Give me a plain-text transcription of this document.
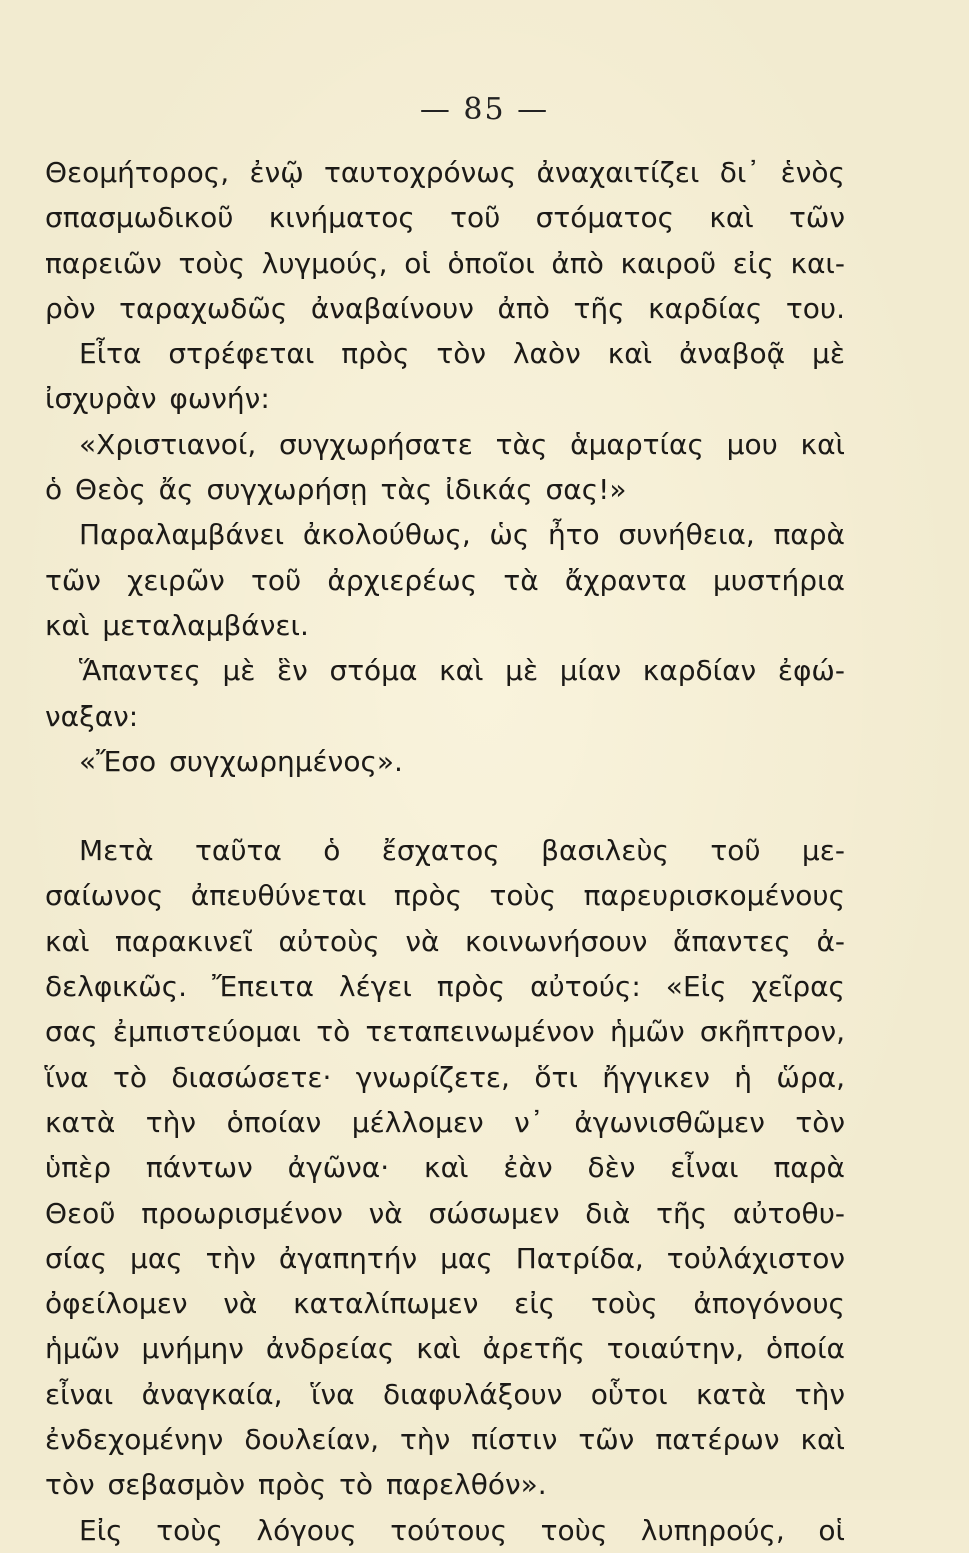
— 85 —
Θεομήτορος, ἐνῷ ταυτοχρόνως ἀναχαιτίζει δι᾽ ἑνὸς
σπασμωδικοῦ κινήματος τοῦ στόματος καὶ τῶν
παρειῶν τοὺς λυγμούς, οἱ ὁποῖοι ἀπὸ καιροῦ εἰς και-
ρὸν ταραχωδῶς ἀναβαίνουν ἀπὸ τῆς καρδίας του.
Εἶτα στρέφεται πρὸς τὸν λαὸν καὶ ἀναβοᾷ μὲ
ἰσχυρὰν φωνήν:
«Χριστιανοί, συγχωρήσατε τὰς ἁμαρτίας μου καὶ
ὁ Θεὸς ἄς συγχωρήσῃ τὰς ἰδικάς σας!»
Παραλαμβάνει ἀκολούθως, ὡς ἦτο συνήθεια, παρὰ
τῶν χειρῶν τοῦ ἀρχιερέως τὰ ἄχραντα μυστήρια
καὶ μεταλαμβάνει.
Ἅπαντες μὲ ἓν στόμα καὶ μὲ μίαν καρδίαν ἐφώ-
ναξαν:
«Ἔσο συγχωρημένος».
Μετὰ ταῦτα ὁ ἔσχατος βασιλεὺς τοῦ με-
σαίωνος ἀπευθύνεται πρὸς τοὺς παρευρισκομένους
καὶ παρακινεῖ αὐτοὺς νὰ κοινωνήσουν ἅπαντες ἀ-
δελφικῶς. Ἔπειτα λέγει πρὸς αὐτούς: «Εἰς χεῖρας
σας ἐμπιστεύομαι τὸ τεταπεινωμένον ἡμῶν σκῆπτρον,
ἵνα τὸ διασώσετε· γνωρίζετε, ὅτι ἤγγικεν ἡ ὥρα,
κατὰ τὴν ὁποίαν μέλλομεν ν᾽ ἀγωνισθῶμεν τὸν
ὑπὲρ πάντων ἀγῶνα· καὶ ἐὰν δὲν εἶναι παρὰ
Θεοῦ προωρισμένον νὰ σώσωμεν διὰ τῆς αὐτοθυ-
σίας μας τὴν ἀγαπητήν μας Πατρίδα, τοὐλάχιστον
ὀφείλομεν νὰ καταλίπωμεν εἰς τοὺς ἀπογόνους
ἡμῶν μνήμην ἀνδρείας καὶ ἀρετῆς τοιαύτην, ὁποία
εἶναι ἀναγκαία, ἵνα διαφυλάξουν οὗτοι κατὰ τὴν
ἐνδεχομένην δουλείαν, τὴν πίστιν τῶν πατέρων καὶ
τὸν σεβασμὸν πρὸς τὸ παρελθόν».
Εἰς τοὺς λόγους τούτους τοὺς λυπηρούς, οἱ
